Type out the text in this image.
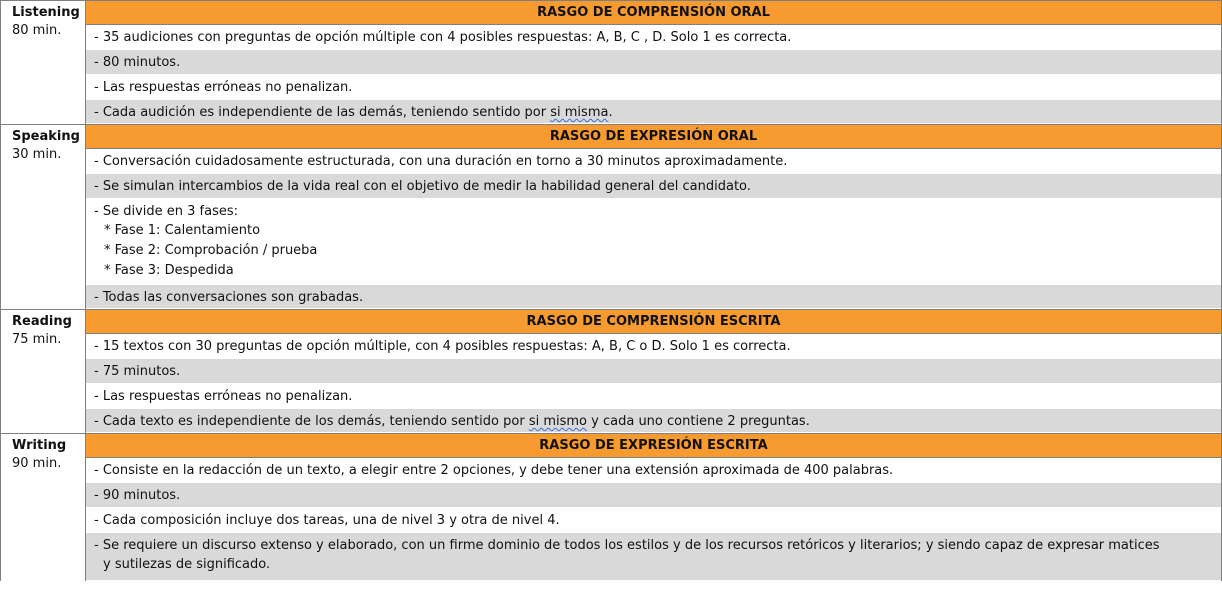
Listening
80 min.
RASGO DE COMPRENSIÓN ORAL
- 35 audiciones con preguntas de opción múltiple con 4 posibles respuestas: A, B, C , D. Solo 1 es correcta.
- 80 minutos.
- Las respuestas erróneas no penalizan.
- Cada audición es independiente de las demás, teniendo sentido por si misma.
Speaking
30 min.
RASGO DE EXPRESIÓN ORAL
- Conversación cuidadosamente estructurada, con una duración en torno a 30 minutos aproximadamente.
- Se simulan intercambios de la vida real con el objetivo de medir la habilidad general del candidato.
- Se divide en 3 fases:
* Fase 1: Calentamiento
* Fase 2: Comprobación / prueba
* Fase 3: Despedida
- Todas las conversaciones son grabadas.
Reading
75 min.
RASGO DE COMPRENSIÓN ESCRITA
- 15 textos con 30 preguntas de opción múltiple, con 4 posibles respuestas: A, B, C o D. Solo 1 es correcta.
- 75 minutos.
- Las respuestas erróneas no penalizan.
- Cada texto es independiente de los demás, teniendo sentido por si mismo y cada uno contiene 2 preguntas.
Writing
90 min.
RASGO DE EXPRESIÓN ESCRITA
- Consiste en la redacción de un texto, a elegir entre 2 opciones, y debe tener una extensión aproximada de 400 palabras.
- 90 minutos.
- Cada composición incluye dos tareas, una de nivel 3 y otra de nivel 4.
- Se requiere un discurso extenso y elaborado, con un firme dominio de todos los estilos y de los recursos retóricos y literarios; y siendo capaz de expresar matices
y sutilezas de significado.
